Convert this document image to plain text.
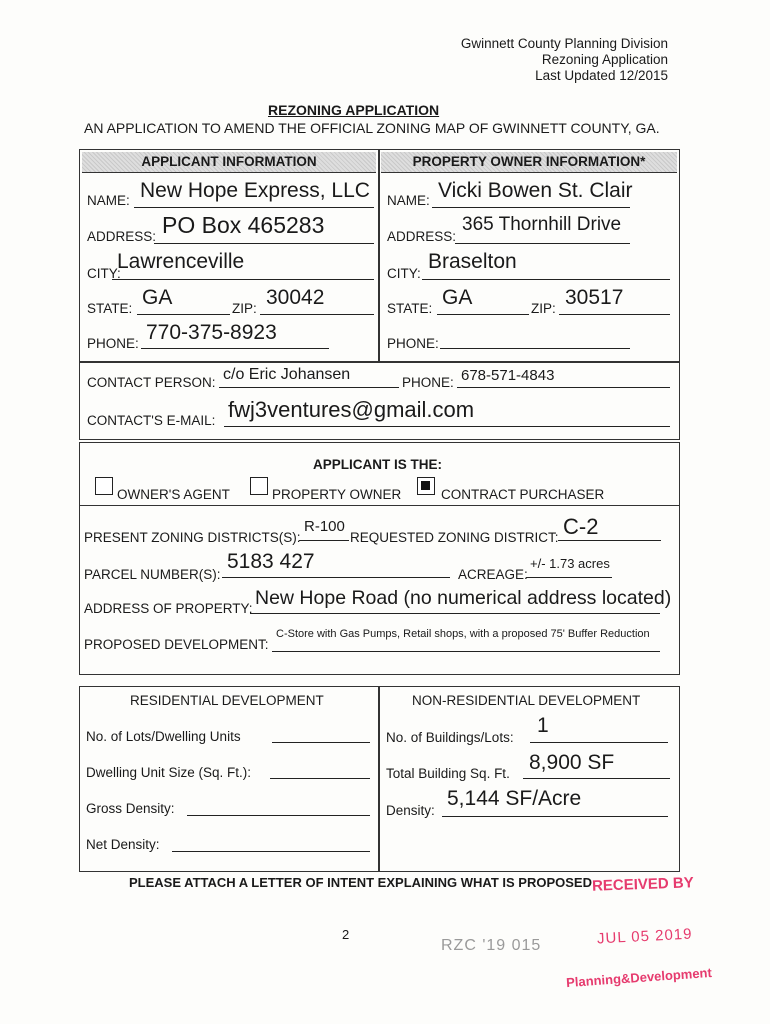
Gwinnett County Planning Division
Rezoning Application
Last Updated 12/2015
REZONING APPLICATION
AN APPLICATION TO AMEND THE OFFICIAL ZONING MAP OF GWINNETT COUNTY, GA.
APPLICANT INFORMATION	PROPERTY OWNER INFORMATION*
NAME: New Hope Express, LLC
ADDRESS: PO Box 465283
CITY:
Lawrenceville
STATE: GA	ZIP: 30042
PHONE: 770-375-8923
NAME: Vicki Bowen St. Clair
ADDRESS:
365 Thornhill Drive
CITY:
Braselton
STATE: GA	ZIP: 30517
PHONE:
CONTACT PERSON: c/o Eric Johansen	PHONE: 678-571-4843
CONTACT'S E-MAIL: fwj3ventures@gmail.com
APPLICANT IS THE:
OWNER'S AGENT	PROPERTY OWNER	CONTRACT PURCHASER
PRESENT ZONING DISTRICTS(S):
R-100
REQUESTED ZONING DISTRICT: C-2
PARCEL NUMBER(S):
5183 427
ACREAGE:
+/- 1.73 acres
ADDRESS OF PROPERTY: New Hope Road (no numerical address located)
PROPOSED DEVELOPMENT:
C-Store with Gas Pumps, Retail shops, with a proposed 75' Buffer Reduction
RESIDENTIAL DEVELOPMENT	NON-RESIDENTIAL DEVELOPMENT
No. of Lots/Dwelling Units
Dwelling Unit Size (Sq. Ft.):
Gross Density:
Net Density:
No. of Buildings/Lots:
1
Total Building Sq. Ft. 8,900 SF
Density:
5,144 SF/Acre
PLEASE ATTACH A LETTER OF INTENT EXPLAINING WHAT IS PROPOSED
2
RECEIVED BY
JUL 05 2019
RZC '19 015
Planning&Development
